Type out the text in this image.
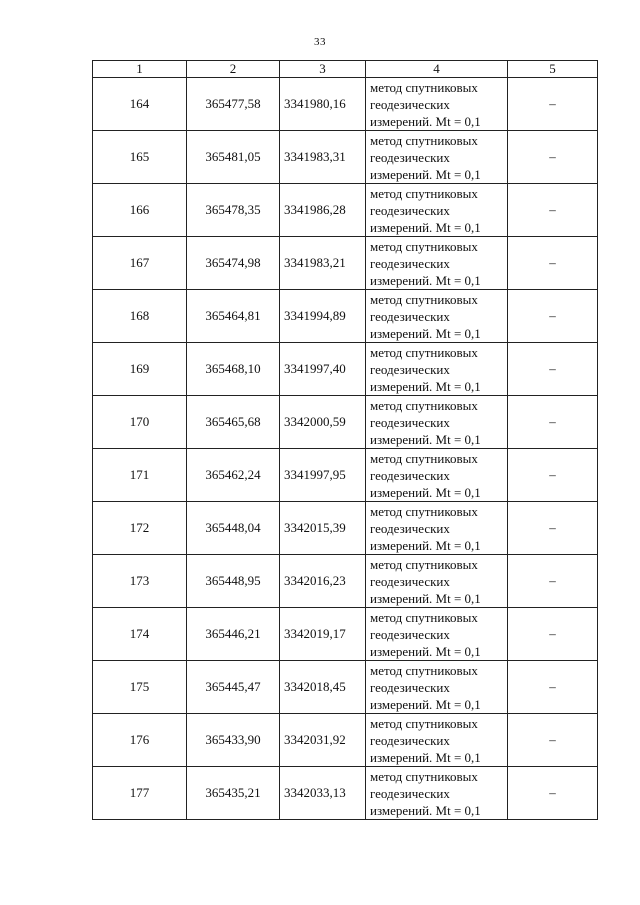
33
1	2	3	4	5
164	365477,58	3341980,16	метод спутниковых
геодезических
измерений. Mt = 0,1	–
165	365481,05	3341983,31	метод спутниковых
геодезических
измерений. Mt = 0,1	–
166	365478,35	3341986,28	метод спутниковых
геодезических
измерений. Mt = 0,1	–
167	365474,98	3341983,21	метод спутниковых
геодезических
измерений. Mt = 0,1	–
168	365464,81	3341994,89	метод спутниковых
геодезических
измерений. Mt = 0,1	–
169	365468,10	3341997,40	метод спутниковых
геодезических
измерений. Mt = 0,1	–
170	365465,68	3342000,59	метод спутниковых
геодезических
измерений. Mt = 0,1	–
171	365462,24	3341997,95	метод спутниковых
геодезических
измерений. Mt = 0,1	–
172	365448,04	3342015,39	метод спутниковых
геодезических
измерений. Mt = 0,1	–
173	365448,95	3342016,23	метод спутниковых
геодезических
измерений. Mt = 0,1	–
174	365446,21	3342019,17	метод спутниковых
геодезических
измерений. Mt = 0,1	–
175	365445,47	3342018,45	метод спутниковых
геодезических
измерений. Mt = 0,1	–
176	365433,90	3342031,92	метод спутниковых
геодезических
измерений. Mt = 0,1	–
177	365435,21	3342033,13	метод спутниковых
геодезических
измерений. Mt = 0,1	–
